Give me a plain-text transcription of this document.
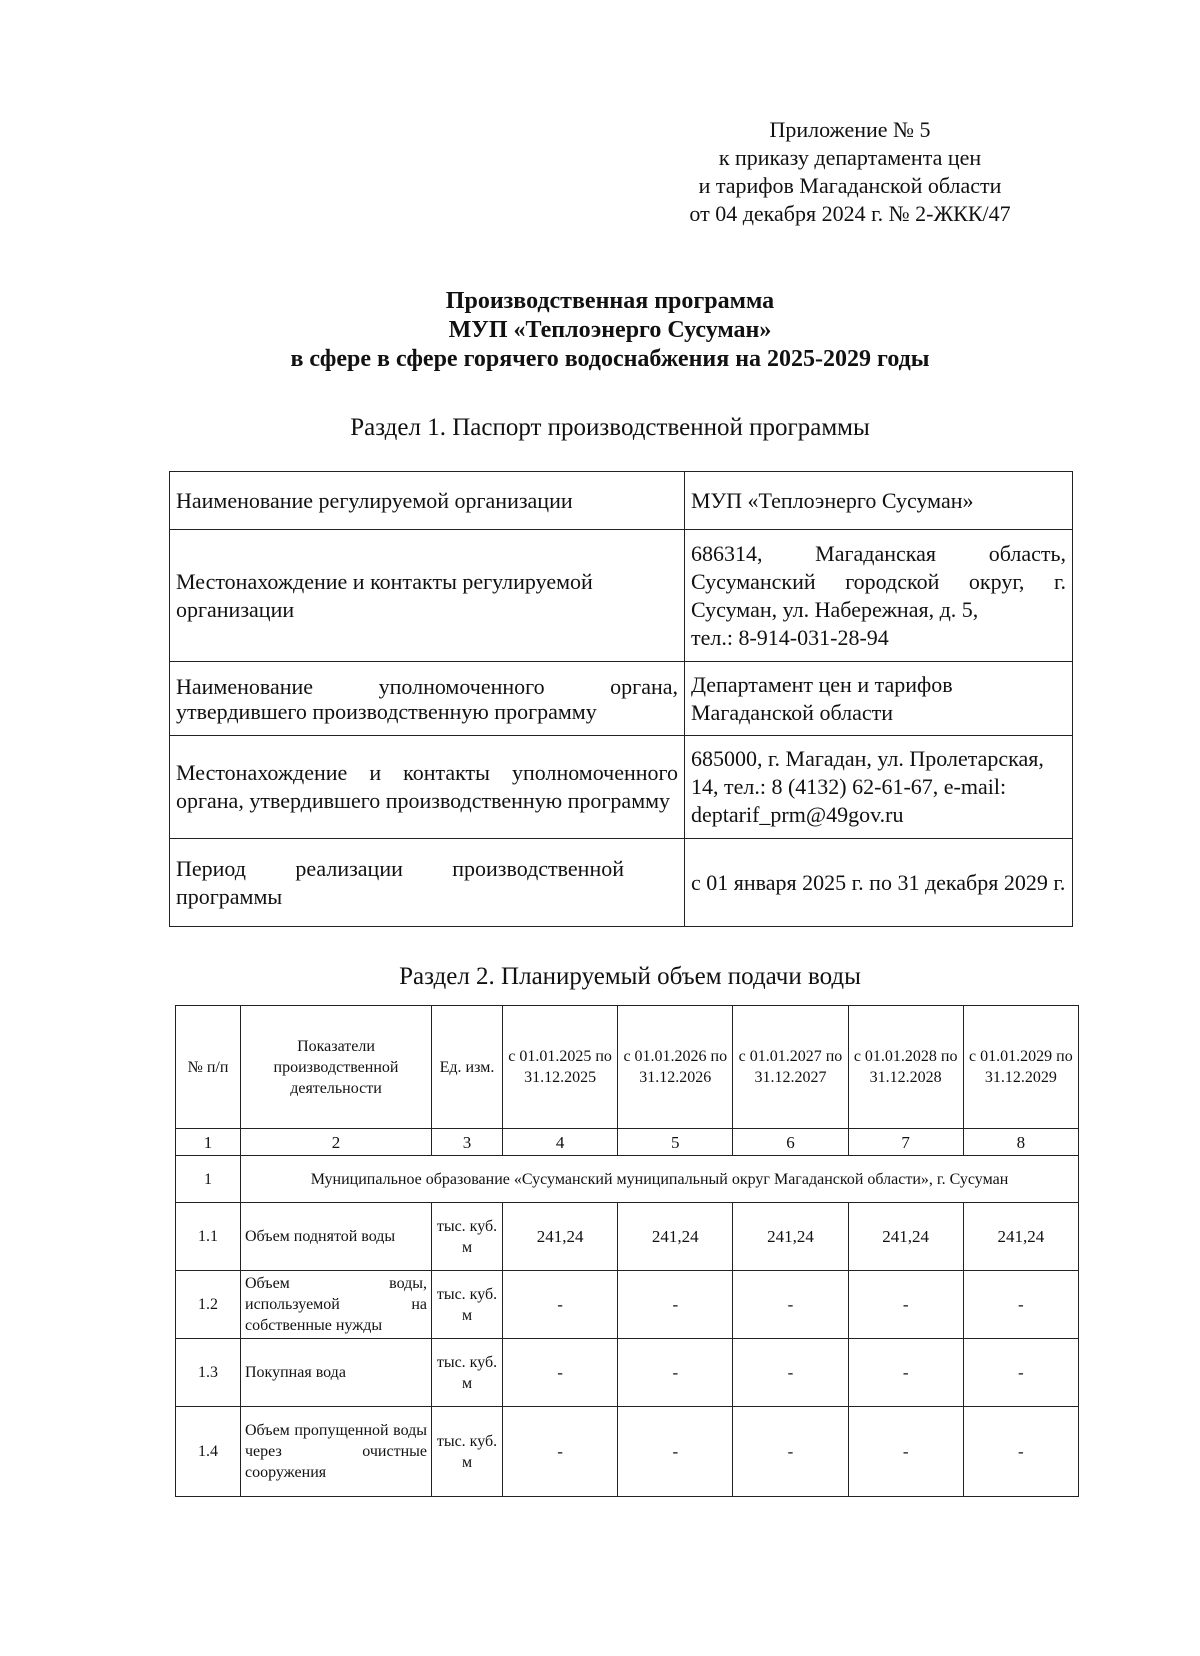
Приложение № 5
к приказу департамента цен
и тарифов Магаданской области
от 04 декабря 2024 г. № 2-ЖКК/47
Производственная программа
МУП «Теплоэнерго Сусуман»
в сфере в сфере горячего водоснабжения на 2025-2029 годы
Раздел 1. Паспорт производственной программы
Наименование регулируемой организации	МУП «Теплоэнерго Сусуман»
Местонахождение и контакты регулируемой организации	686314, Магаданская область,
Сусуманский городской округ, г.
Сусуман, ул. Набережная, д. 5,
тел.: 8-914-031-28-94

Наименование уполномоченного органа, утвердившего производственную программу	Департамент цен и тарифов Магаданской области
Местонахождение и контакты уполномоченного органа, утвердившего производственную программу	685000, г. Магадан, ул. Пролетарская,
14, тел.: 8 (4132) 62-61-67, e-mail:
deptarif_prm@49gov.ru

Период реализации производственной программы	с 01 января 2025 г. по 31 декабря 2029 г.
Раздел 2. Планируемый объем подачи воды
№ п/п	Показатели производственной деятельности	Ед. изм.	с 01.01.2025 по 31.12.2025	с 01.01.2026 по 31.12.2026	с 01.01.2027 по 31.12.2027	с 01.01.2028 по 31.12.2028	с 01.01.2029 по 31.12.2029
1	2	3	4	5	6	7	8
1	Муниципальное образование «Сусуманский муниципальный округ Магаданской области», г. Сусуман						
1.1	Объем поднятой воды	тыс. куб. м	241,24	241,24	241,24	241,24	241,24
1.2	Объем воды, используемой на собственные нужды	тыс. куб. м	-	-	-	-	-
1.3	Покупная вода	тыс. куб. м	-	-	-	-	-
1.4	Объем пропущенной воды через очистные сооружения	тыс. куб. м	-	-	-	-	-
